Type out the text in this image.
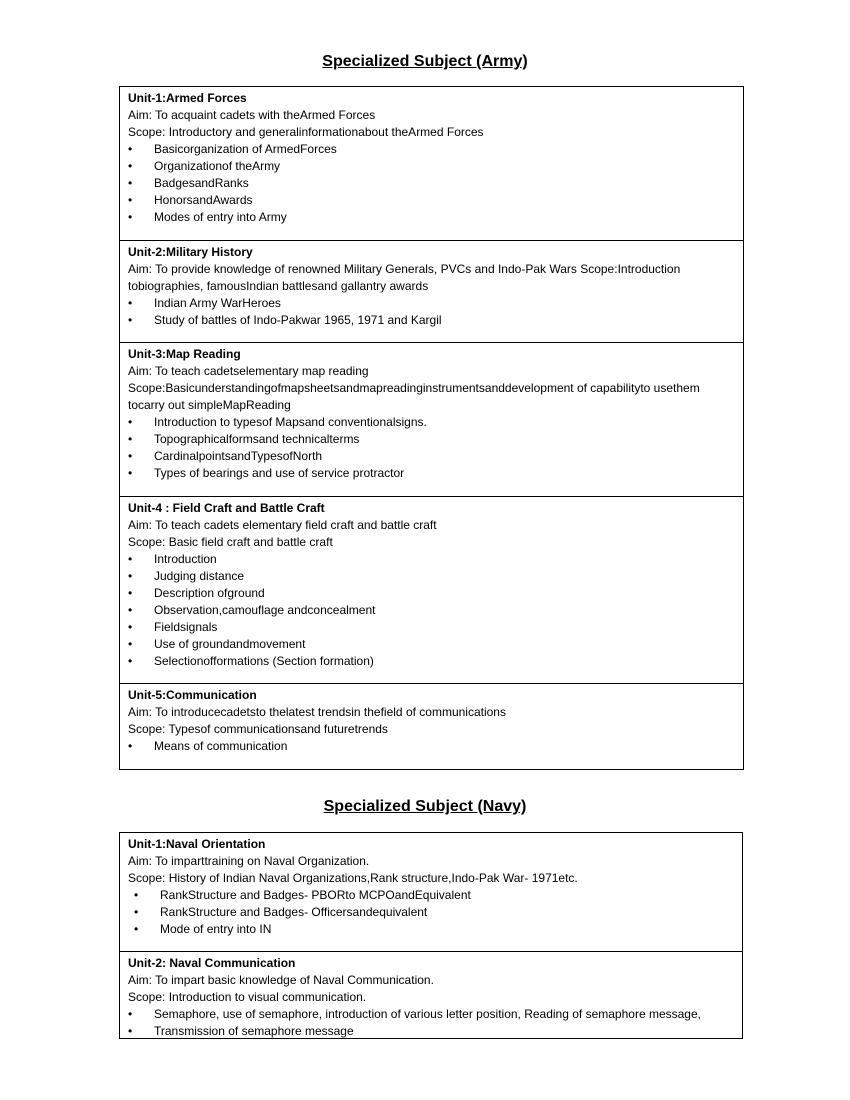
Specialized Subject (Army)
Unit-1:Armed Forces
Aim: To acquaint cadets with theArmed Forces
Scope: Introductory and generalinformationabout theArmed Forces
• Basicorganization of ArmedForces
• Organizationof theArmy
• BadgesandRanks
• HonorsandAwards
• Modes of entry into Army
Unit-2:Military History
Aim: To provide knowledge of renowned Military Generals, PVCs and Indo-Pak Wars Scope:Introduction tobiographies, famousIndian battlesand gallantry awards
• Indian Army WarHeroes
• Study of battles of Indo-Pakwar 1965, 1971 and Kargil
Unit-3:Map Reading
Aim: To teach cadetselementary map reading
Scope:Basicunderstandingofmapsheetsandmapreadinginstrumentsanddevelopment of capabilityto usethem tocarry out simpleMapReading
• Introduction to typesof Mapsand conventionalsigns.
• Topographicalformsand technicalterms
• CardinalpointsandTypesofNorth
• Types of bearings and use of service protractor
Unit-4 : Field Craft and Battle Craft
Aim: To teach cadets elementary field craft and battle craft
Scope: Basic field craft and battle craft
• Introduction
• Judging distance
• Description ofground
• Observation,camouflage andconcealment
• Fieldsignals
• Use of groundandmovement
• Selectionofformations (Section formation)
Unit-5:Communication
Aim: To introducecadetsto thelatest trendsin thefield of communications
Scope: Typesof communicationsand futuretrends
• Means of communication
Specialized Subject (Navy)
Unit-1:Naval Orientation
Aim: To imparttraining on Naval Organization.
Scope: History of Indian Naval Organizations,Rank structure,Indo-Pak War- 1971etc.
• RankStructure and Badges- PBORto MCPOandEquivalent
• RankStructure and Badges- Officersandequivalent
• Mode of entry into IN
Unit-2: Naval Communication
Aim: To impart basic knowledge of Naval Communication.
Scope: Introduction to visual communication.
• Semaphore, use of semaphore, introduction of various letter position, Reading of semaphore message,
• Transmission of semaphore message
